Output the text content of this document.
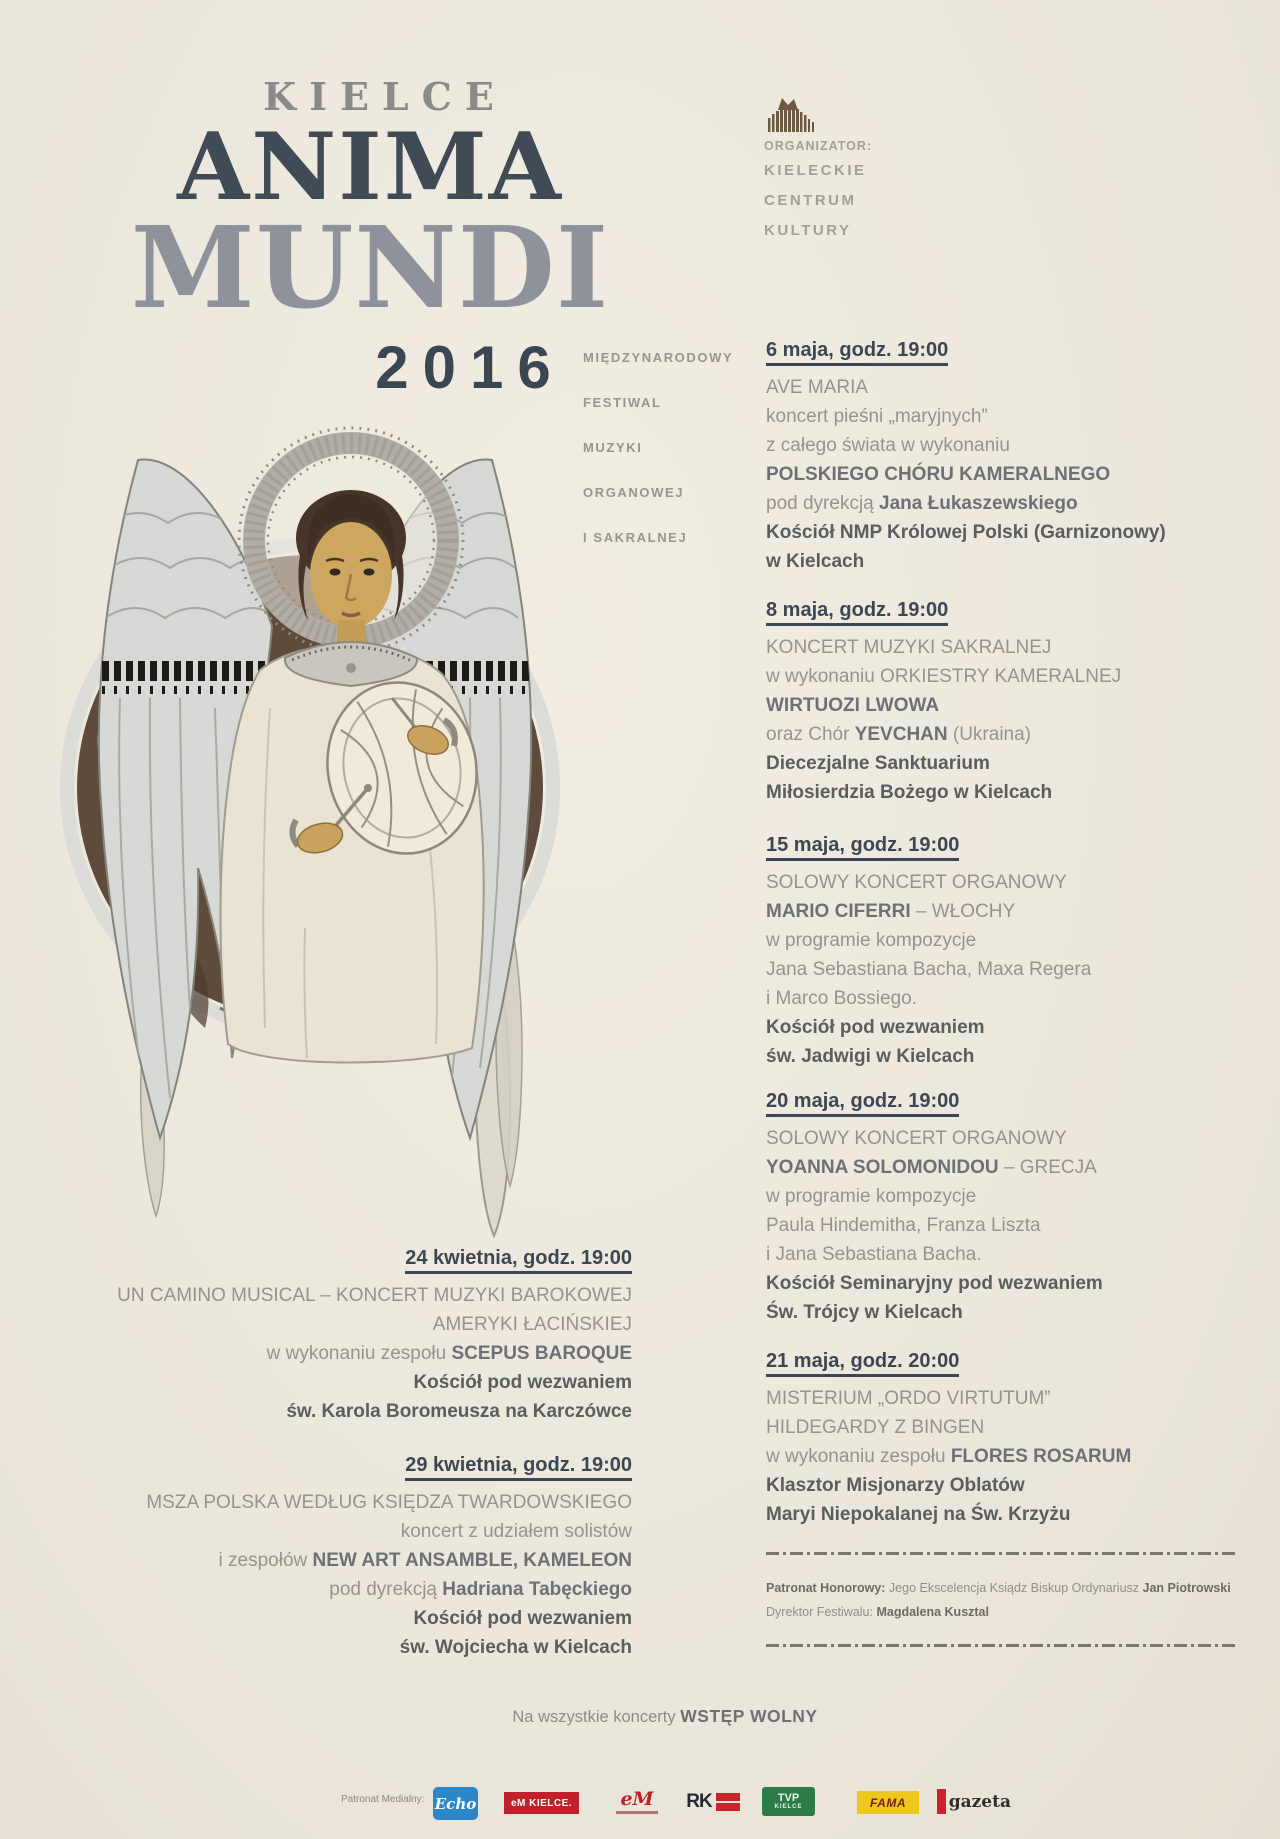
KIELCE
ANIMA
MUNDI
2016	MIĘDZYNARODOWY
FESTIWAL
MUZYKI
ORGANOWEJ
I SAKRALNEJ
ORGANIZATOR:
KIELECKIE
CENTRUM
KULTURY
24 kwietnia, godz. 19:00
UN CAMINO MUSICAL – KONCERT MUZYKI BAROKOWEJ
AMERYKI ŁACIŃSKIEJ
w wykonaniu zespołu SCEPUS BAROQUE
Kościół pod wezwaniem
św. Karola Boromeusza na Karczówce
29 kwietnia, godz. 19:00
MSZA POLSKA WEDŁUG KSIĘDZA TWARDOWSKIEGO
koncert z udziałem solistów
i zespołów NEW ART ANSAMBLE, KAMELEON
pod dyrekcją Hadriana Tabęckiego
Kościół pod wezwaniem
św. Wojciecha w Kielcach
6 maja, godz. 19:00
AVE MARIA
koncert pieśni „maryjnych”
z całego świata w wykonaniu
POLSKIEGO CHÓRU KAMERALNEGO
pod dyrekcją Jana Łukaszewskiego
Kościół NMP Królowej Polski (Garnizonowy)
w Kielcach
8 maja, godz. 19:00
KONCERT MUZYKI SAKRALNEJ
w wykonaniu ORKIESTRY KAMERALNEJ
WIRTUOZI LWOWA
oraz Chór YEVCHAN (Ukraina)
Diecezjalne Sanktuarium
Miłosierdzia Bożego w Kielcach
15 maja, godz. 19:00
SOLOWY KONCERT ORGANOWY
MARIO CIFERRI – WŁOCHY
w programie kompozycje
Jana Sebastiana Bacha, Maxa Regera
i Marco Bossiego.
Kościół pod wezwaniem
św. Jadwigi w Kielcach
20 maja, godz. 19:00
SOLOWY KONCERT ORGANOWY
YOANNA SOLOMONIDOU – GRECJA
w programie kompozycje
Paula Hindemitha, Franza Liszta
i Jana Sebastiana Bacha.
Kościół Seminaryjny pod wezwaniem
Św. Trójcy w Kielcach
21 maja, godz. 20:00
MISTERIUM „ORDO VIRTUTUM”
HILDEGARDY Z BINGEN
w wykonaniu zespołu FLORES ROSARUM
Klasztor Misjonarzy Oblatów
Maryi Niepokalanej na Św. Krzyżu
Patronat Honorowy: Jego Ekscelencja Ksiądz Biskup Ordynariusz Jan Piotrowski
Dyrektor Festiwalu: Magdalena Kusztal
Na wszystkie koncerty WSTĘP WOLNY
Patronat Medialny: Echo	eM KIELCE.	eM RK	TVP
KIELCE	FAMA	gazeta
